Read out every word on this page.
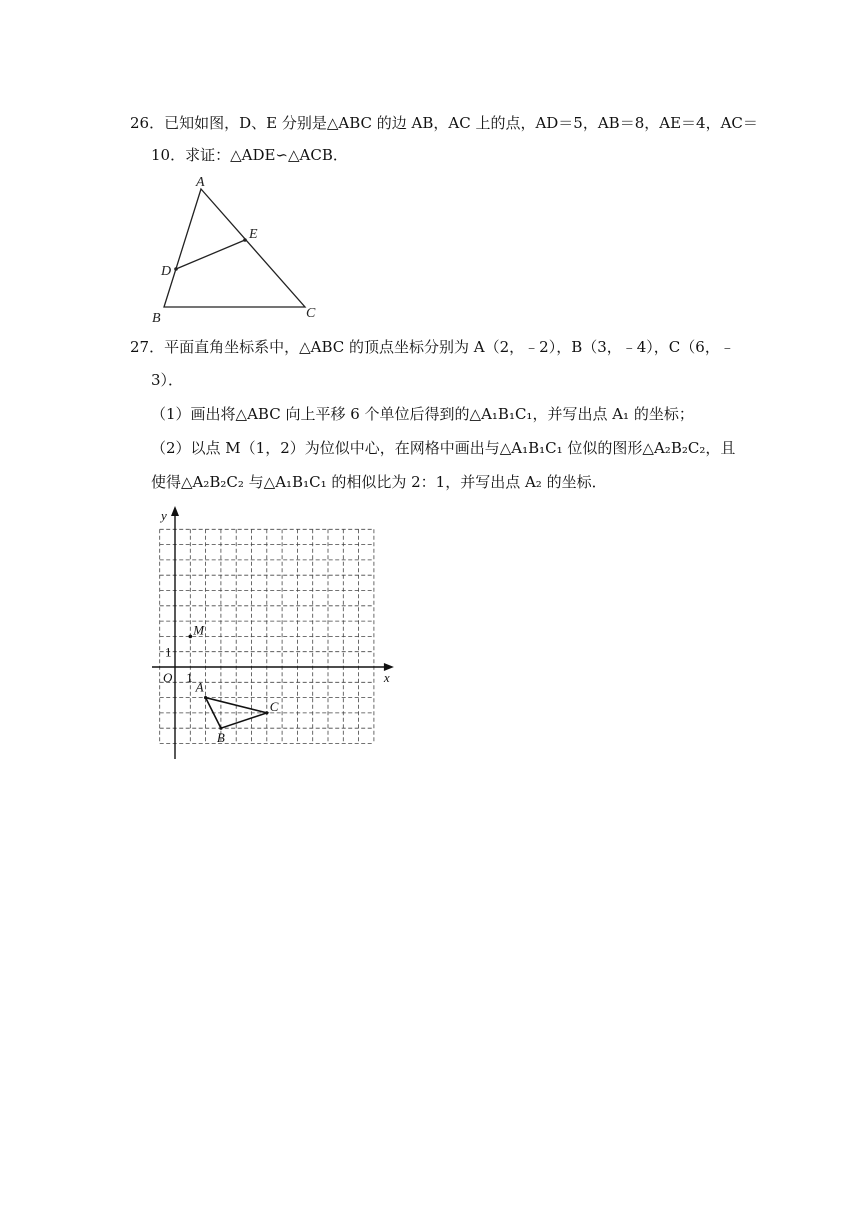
26．已知如图，D、E 分别是△ABC 的边 AB，AC 上的点，AD＝5，AB＝8，AE＝4，AC＝
10．求证：△ADE∽△ACB．
A
E
D
B	C
27．平面直角坐标系中，△ABC 的顶点坐标分别为 A（2，﹣2），B（3，﹣4），C（6，﹣
3）．
（1）画出将△ABC 向上平移 6 个单位后得到的△A₁B₁C₁，并写出点 A₁ 的坐标；
（2）以点 M（1，2）为位似中心，在网格中画出与△A₁B₁C₁ 位似的图形△A₂B₂C₂，且
使得△A₂B₂C₂ 与△A₁B₁C₁ 的相似比为 2：1，并写出点 A₂ 的坐标．
x
y
O 1
1
M
A
B
C
